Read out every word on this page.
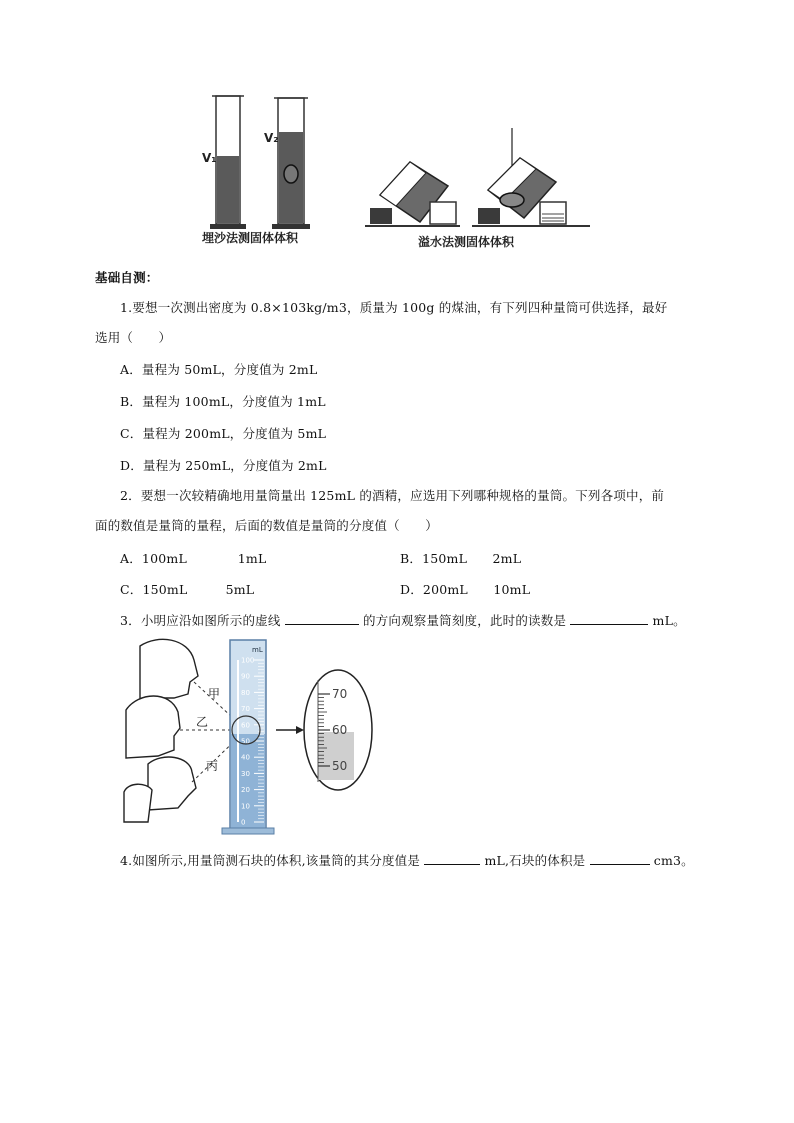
V₁
V₂
埋沙法测固体体积	溢水法测固体体积
基础自测：
1.要想一次测出密度为 0.8×103kg/m3，质量为 100g 的煤油，有下列四种量筒可供选择，最好
选用（　　）
A．量程为 50mL，分度值为 2mL
B．量程为 100mL，分度值为 1mL
C．量程为 200mL，分度值为 5mL
D．量程为 250mL，分度值为 2mL
2．要想一次较精确地用量筒量出 125mL 的酒精，应选用下列哪种规格的量筒。下列各项中，前
面的数值是量筒的量程，后面的数值是量筒的分度值（　　）
A．100mL　　　　1mL	B．150mL　　2mL
C．150mL　　　5mL	D．200mL　　10mL
3．小明应沿如图所示的虚线	的方向观察量筒刻度，此时的读数是	mL。
甲
乙
丙
mL
100
90
80
70
60
50
40
30
20
10
0
70
60
50
4.如图所示,用量筒测石块的体积,该量筒的其分度值是	mL,石块的体积是	cm3。
